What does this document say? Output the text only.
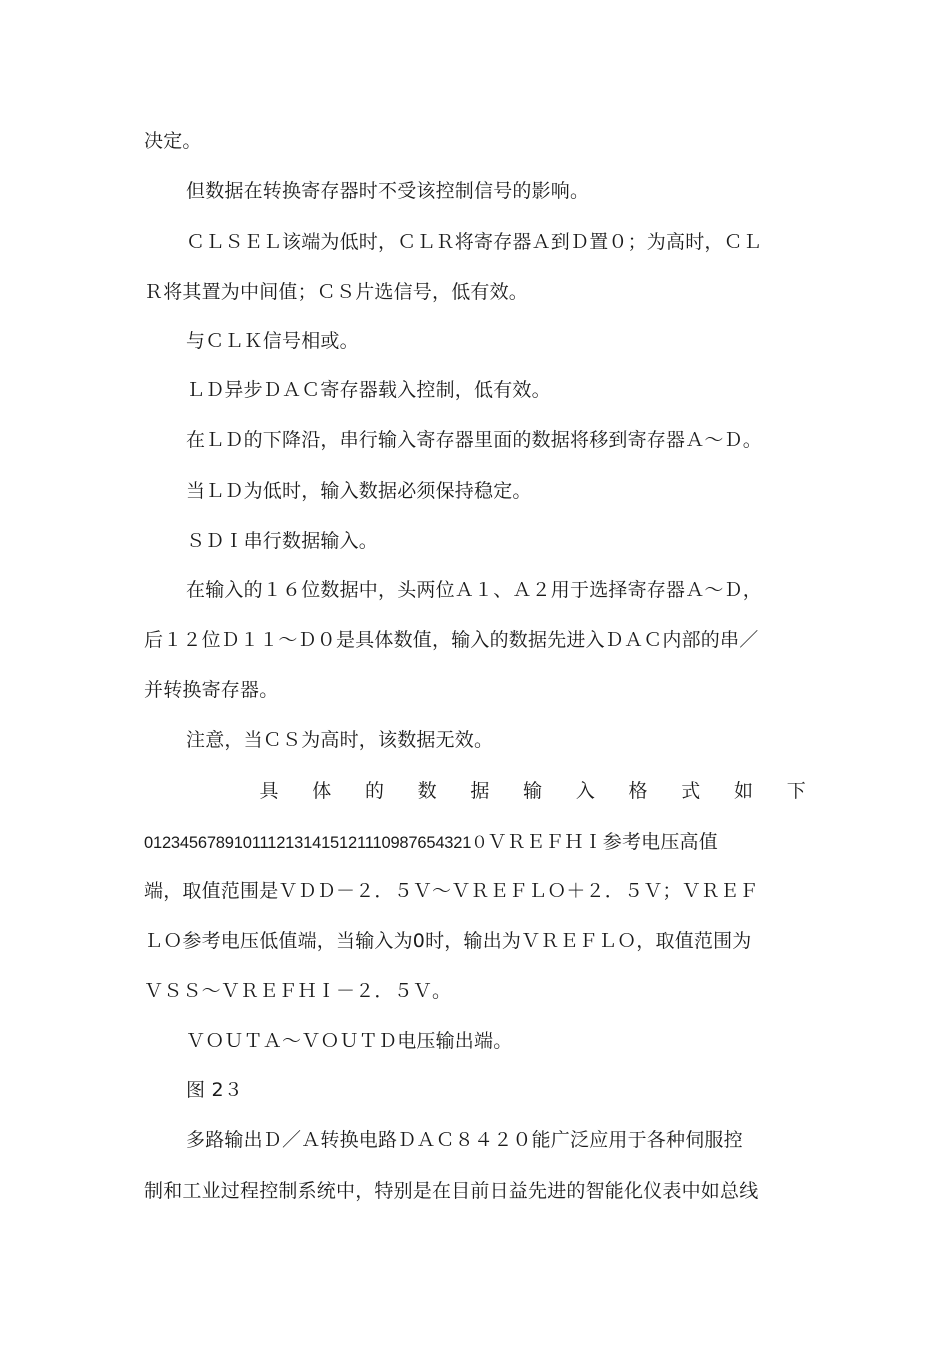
决定。
但数据在转换寄存器时不受该控制信号的影响。
ＣＬＳＥＬ该端为低时，ＣＬＲ将寄存器Ａ到Ｄ置０；为高时，ＣＬ
Ｒ将其置为中间值；ＣＳ片选信号，低有效。
与ＣＬＫ信号相或。
ＬＤ异步ＤＡＣ寄存器载入控制，低有效。
在ＬＤ的下降沿，串行输入寄存器里面的数据将移到寄存器Ａ～Ｄ。
当ＬＤ为低时，输入数据必须保持稳定。
ＳＤＩ串行数据输入。
在输入的１６位数据中，头两位Ａ１、Ａ２用于选择寄存器Ａ～Ｄ，
后１２位Ｄ１１～Ｄ０是具体数值，输入的数据先进入ＤＡＣ内部的串／
并转换寄存器。
注意，当ＣＳ为高时，该数据无效。
具 体 的 数 据 输 入 格 式 如 下
0123456789101112131415121110987654321０ＶＲＥＦＨＩ参考电压高值
端，取值范围是ＶＤＤ－２．５Ｖ～ＶＲＥＦＬＯ＋２．５Ｖ；ＶＲＥＦ
ＬＯ参考电压低值端，当输入为0时，输出为ＶＲＥＦＬＯ，取值范围为
ＶＳＳ～ＶＲＥＦＨＩ－２．５Ｖ。
ＶＯＵＴＡ～ＶＯＵＴＤ电压输出端。
图 2３
多路输出Ｄ／Ａ转换电路ＤＡＣ８４２０能广泛应用于各种伺服控
制和工业过程控制系统中，特别是在目前日益先进的智能化仪表中如总线
